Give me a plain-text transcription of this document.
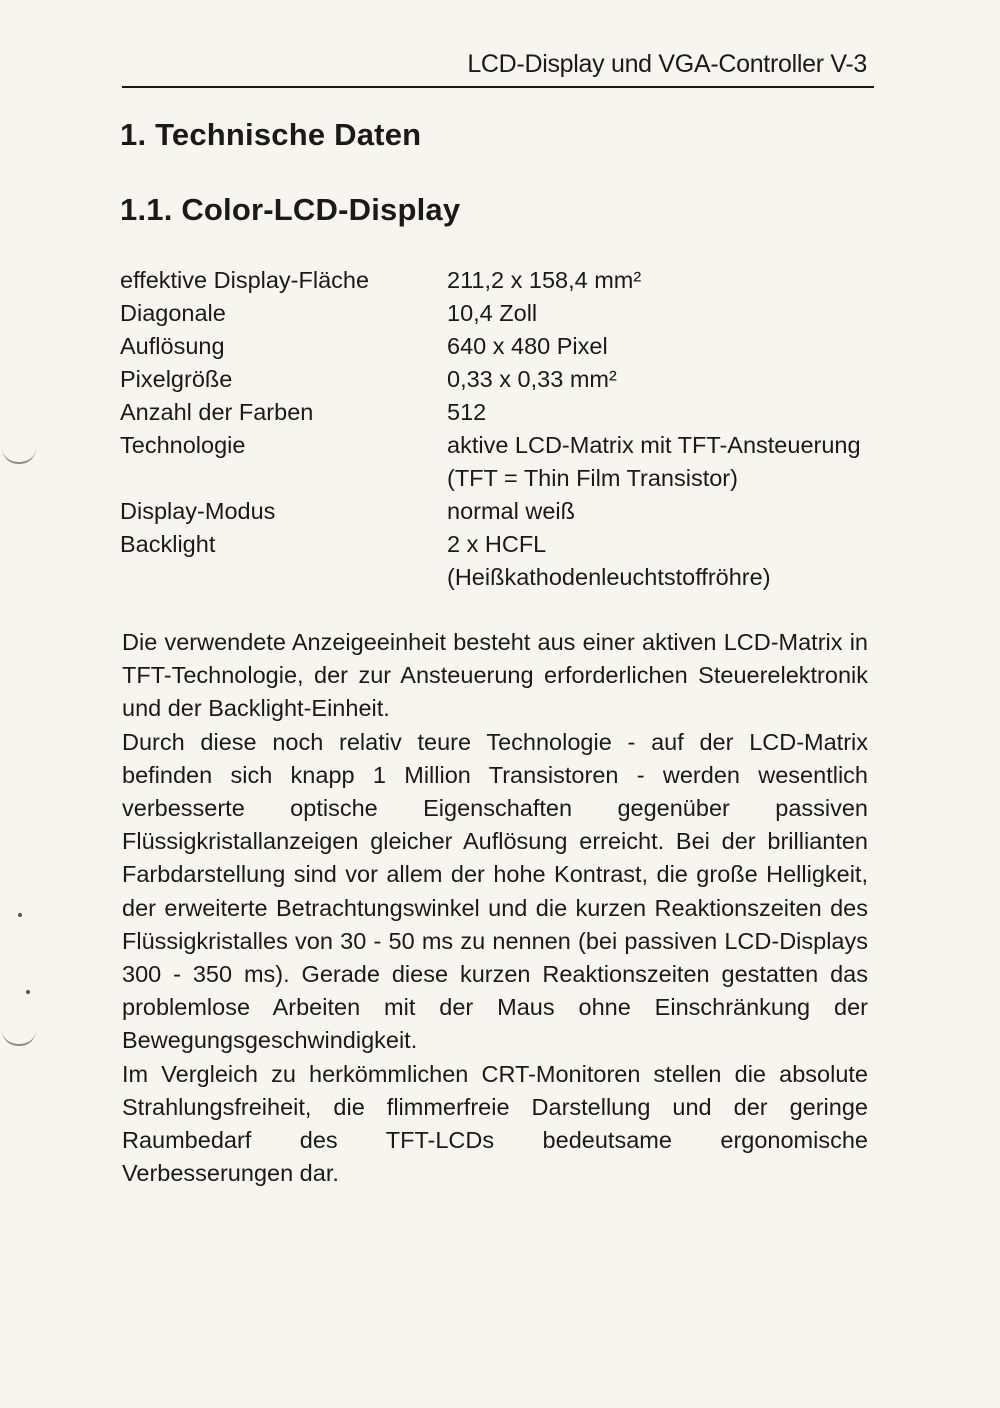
LCD-Display und VGA-Controller V-3
1. Technische Daten
1.1. Color-LCD-Display
effektive Display-Fläche	211,2 x 158,4 mm²
Diagonale	10,4 Zoll
Auflösung	640 x 480 Pixel
Pixelgröße	0,33 x 0,33 mm²
Anzahl der Farben	512
Technologie	aktive LCD-Matrix mit TFT-Ansteuerung (TFT = Thin Film Transistor)
Display-Modus	normal weiß
Backlight	2 x HCFL (Heißkathodenleuchtstoffröhre)

Die verwendete Anzeigeeinheit besteht aus einer aktiven LCD-Matrix in TFT-Technologie, der zur Ansteuerung erforderlichen Steuerelektronik und der Backlight-Einheit.

Durch diese noch relativ teure Technologie - auf der LCD-Matrix befinden sich knapp 1 Million Transistoren - werden wesentlich verbesserte optische Eigenschaften gegenüber passiven Flüssigkristallanzeigen gleicher Auflösung erreicht. Bei der brillianten Farbdarstellung sind vor allem der hohe Kontrast, die große Helligkeit, der erweiterte Betrachtungswinkel und die kurzen Reaktionszeiten des Flüssigkristalles von 30 - 50 ms zu nennen (bei passiven LCD-Displays 300 - 350 ms). Gerade diese kurzen Reaktionszeiten gestatten das problemlose Arbeiten mit der Maus ohne Einschränkung der Bewegungsgeschwindigkeit.

Im Vergleich zu herkömmlichen CRT-Monitoren stellen die absolute Strahlungsfreiheit, die flimmerfreie Darstellung und der geringe Raumbedarf des TFT-LCDs bedeutsame ergonomische Verbesserungen dar.
